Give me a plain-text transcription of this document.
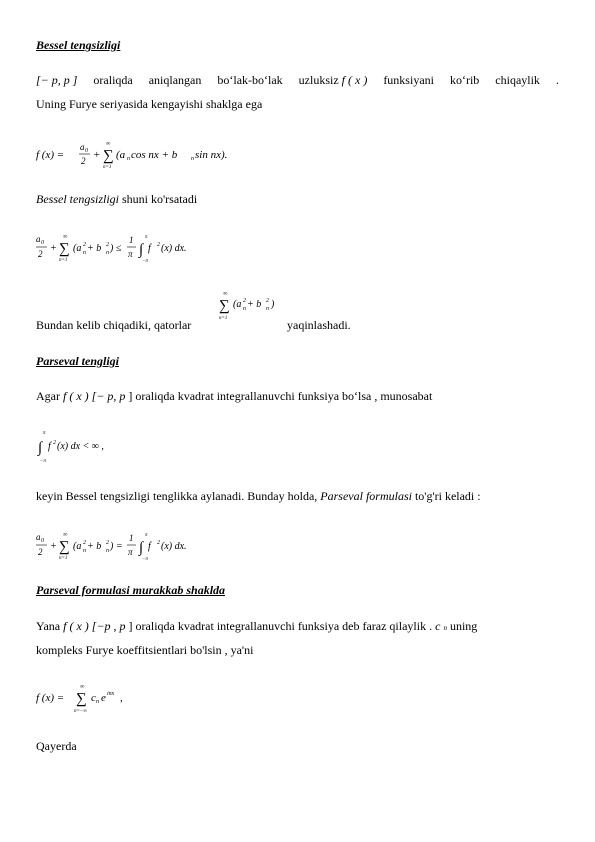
Bessel tengsizligi
[− p, p ] oraliqda aniqlangan bo‘lak-bo‘lak uzluksiz f ( x ) funksiyani ko‘rib chiqaylik .
Uning Furye seriyasida kengayishi shaklga ega
f (x) =
a 0
2 + ∑
∞
n=1
(a n cos nx + b n sin nx).
Bessel tengsizligi shuni ko'rsatadi
a 0
2 + ∑
∞
n=1
(a 2
n + b 2
n ) ≤
1
π ∫
π
−π
f 2 (x) dx.
Bundan kelib chiqadiki, qatorlar
∑
∞
n=1
(a 2
n + b 2
n )
yaqinlashadi.
Parseval tengligi
Agar f ( x ) [− p, p ] oraliqda kvadrat integrallanuvchi funksiya bo‘lsa , munosabat
∫
π
−π
f 2 (x) dx < ∞ ,
keyin Bessel tengsizligi tenglikka aylanadi. Bunday holda, Parseval formulasi to'g'ri keladi :
a 0
2 + ∑
∞
n=1
(a 2
n + b 2
n ) =
1
π ∫
π
−π
f 2 (x) dx.
Parseval formulasi murakkab shaklda
Yana f ( x ) [−p , p ] oraliqda kvadrat integrallanuvchi funksiya deb faraz qilaylik . c n uning
kompleks Furye koeffitsientlari bo'lsin , ya'ni
f (x) = ∑
∞
n=−∞
c n e inx ,
Qayerda
